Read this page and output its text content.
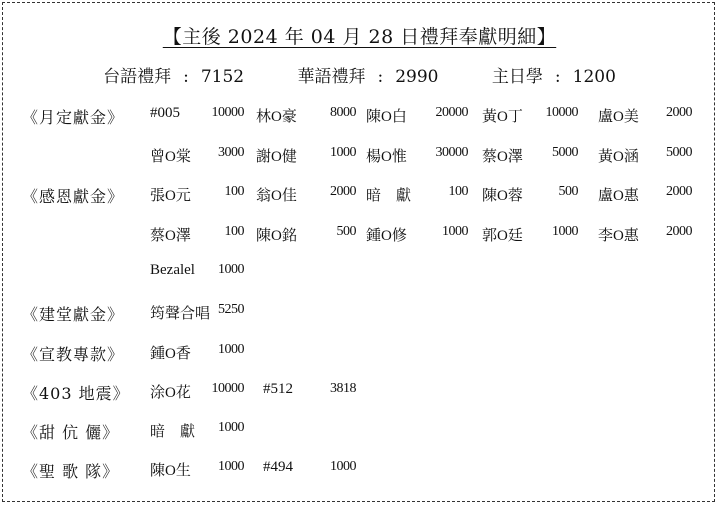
【主後 2024 年 04 月 28 日禮拜奉獻明細】
台語禮拜 : 7152	華語禮拜 : 2990	主日學 : 1200
《月定獻金》 #005	10000 林O豪	8000 陳O白	20000 黃O丁	10000 盧O美	2000
曾O棠	3000 謝O健	1000 楊O惟	30000 蔡O澤	5000 黃O涵	5000
《感恩獻金》 張O元	100 翁O佳	2000 暗　獻	100 陳O蓉	500 盧O惠	2000
蔡O澤	100 陳O銘	500 鍾O修	1000 郭O廷	1000 李O惠	2000
Bezalel	1000
《建堂獻金》 筠聲合唱 5250
《宣教專款》 鍾O香	1000
《403 地震》 涂O花	10000 #512	3818
《甜 伉 儷》 暗　獻	1000
《聖 歌 隊》 陳O生	1000 #494	1000
